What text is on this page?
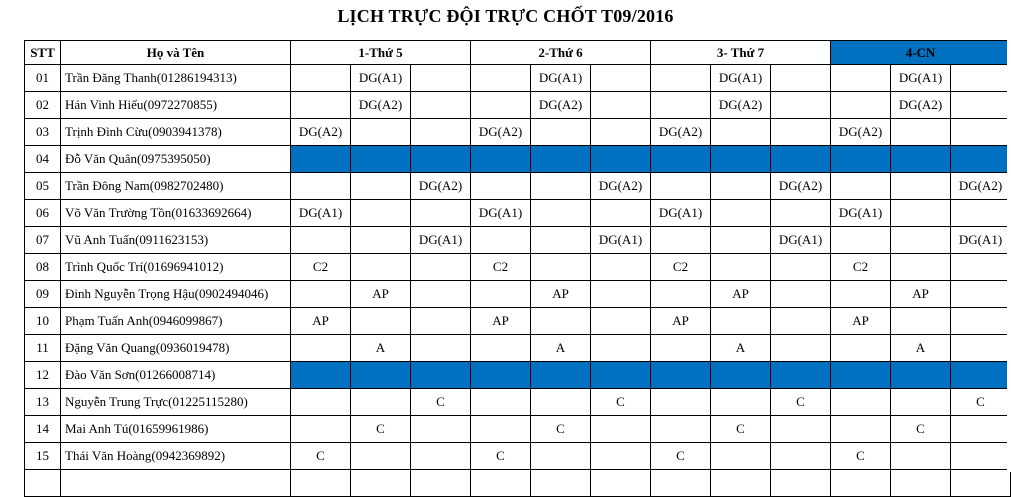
LỊCH TRỰC ĐỘI TRỰC CHỐT T09/2016
STT	Họ và Tên	1-Thứ 5			2-Thứ 6			3- Thứ 7			4-CN		
01	Trần Đăng Thanh(01286194313)		DG(A1)			DG(A1)			DG(A1)			DG(A1)	
02	Hán Vinh Hiếu(0972270855)		DG(A2)			DG(A2)			DG(A2)			DG(A2)	
03	Trịnh Đình Cừu(0903941378)	DG(A2)			DG(A2)			DG(A2)			DG(A2)		
04	Đỗ Văn Quân(0975395050)												
05	Trần Đông Nam(0982702480)			DG(A2)			DG(A2)			DG(A2)			DG(A2)
06	Võ Văn Trường Tồn(01633692664)	DG(A1)			DG(A1)			DG(A1)			DG(A1)		
07	Vũ Anh Tuấn(0911623153)			DG(A1)			DG(A1)			DG(A1)			DG(A1)
08	Trình Quốc Trí(01696941012)	C2			C2			C2			C2		
09	Đinh Nguyễn Trọng Hậu(0902494046)		AP			AP			AP			AP	
10	Phạm Tuấn Anh(0946099867)	AP			AP			AP			AP		
11	Đặng Văn Quang(0936019478)		A			A			A			A	
12	Đào Văn Sơn(01266008714)												
13	Nguyễn Trung Trực(01225115280)			C			C			C			C
14	Mai Anh Tú(01659961986)		C			C			C			C	
15	Thái Văn Hoàng(0942369892)	C			C			C			C		
